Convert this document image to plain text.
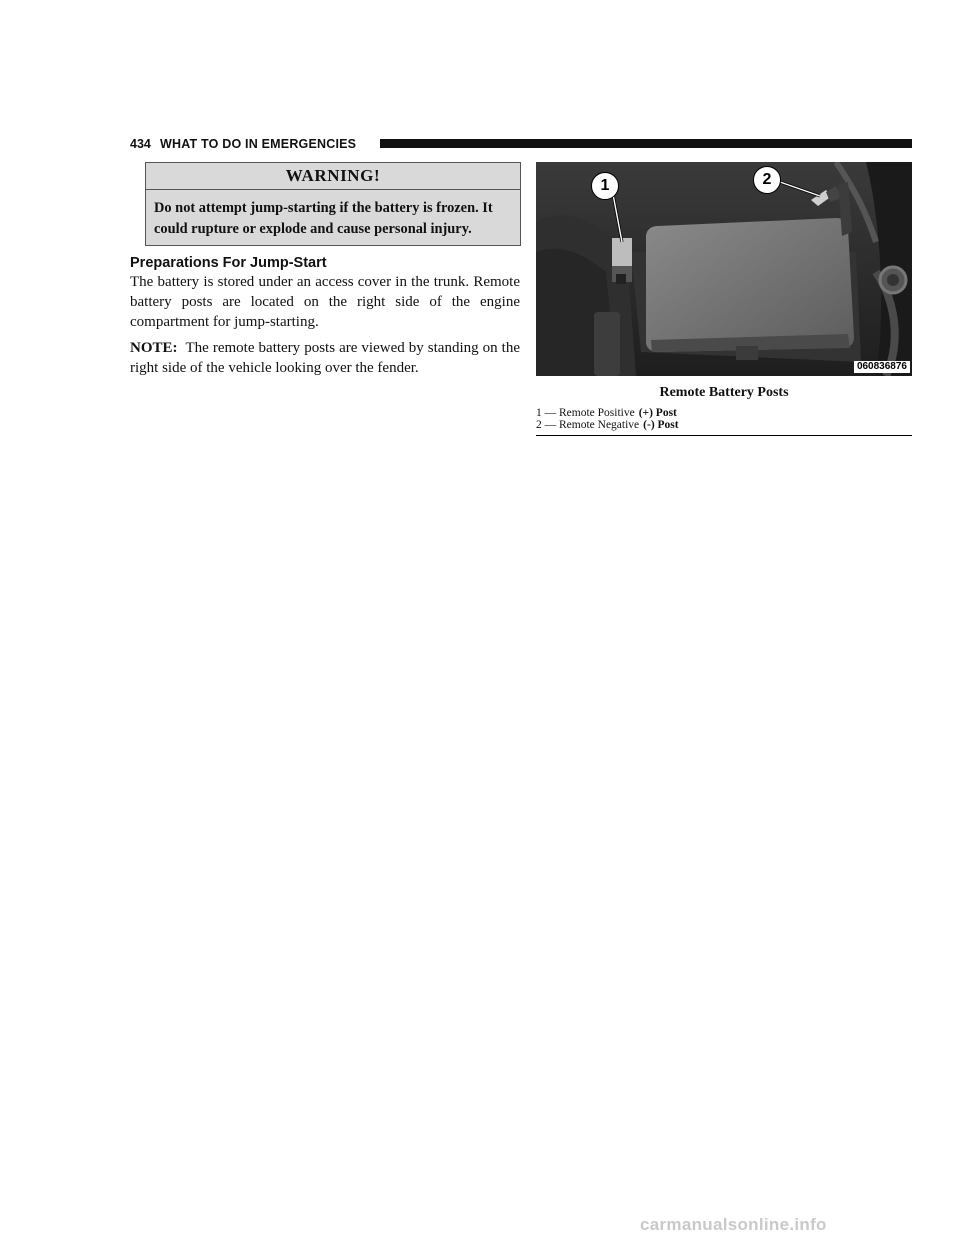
434 WHAT TO DO IN EMERGENCIES
WARNING!
Do not attempt jump-starting if the battery is frozen. It could rupture or explode and cause personal injury.
Preparations For Jump-Start
The battery is stored under an access cover in the trunk. Remote battery posts are located on the right side of the engine compartment for jump-starting.
NOTE: The remote battery posts are viewed by standing on the right side of the vehicle looking over the fender.
1	2
060836876
Remote Battery Posts
1 — Remote Positive (+) Post
2 — Remote Negative (-) Post
carmanualsonline.info
